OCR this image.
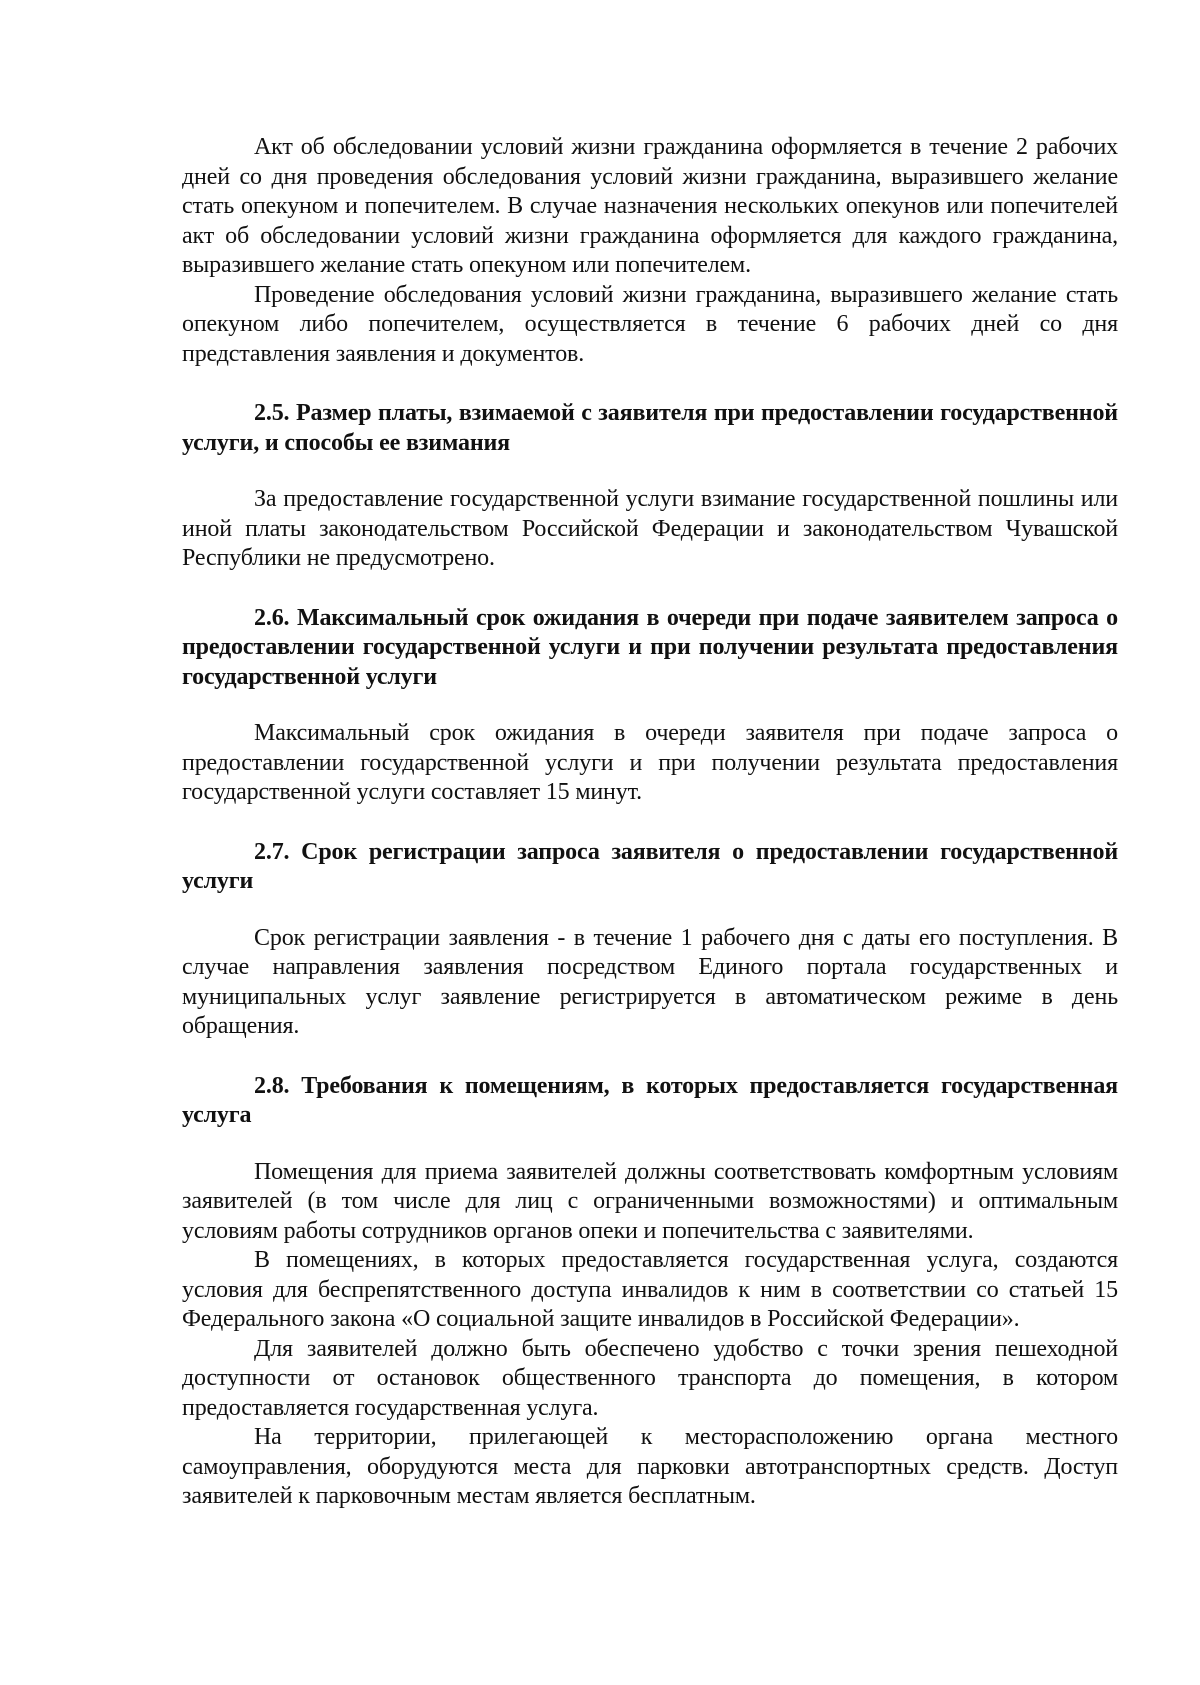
Акт об обследовании условий жизни гражданина оформляется в течение 2 рабочих дней со дня проведения обследования условий жизни гражданина, выразившего желание стать опекуном и попечителем. В случае назначения нескольких опекунов или попечителей акт об обследовании условий жизни гражданина оформляется для каждого гражданина, выразившего желание стать опекуном или попечителем.

Проведение обследования условий жизни гражданина, выразившего желание стать опекуном либо попечителем, осуществляется в течение 6 рабочих дней со дня представления заявления и документов.

2.5. Размер платы, взимаемой с заявителя при предоставлении государственной услуги, и способы ее взимания

За предоставление государственной услуги взимание государственной пошлины или иной платы законодательством Российской Федерации и законодательством Чувашской Республики не предусмотрено.

2.6. Максимальный срок ожидания в очереди при подаче заявителем запроса о предоставлении государственной услуги и при получении результата предоставления государственной услуги

Максимальный срок ожидания в очереди заявителя при подаче запроса о предоставлении государственной услуги и при получении результата предоставления государственной услуги составляет 15 минут.

2.7. Срок регистрации запроса заявителя о предоставлении государственной услуги

Срок регистрации заявления - в течение 1 рабочего дня с даты его поступления. В случае направления заявления посредством Единого портала государственных и муниципальных услуг заявление регистрируется в автоматическом режиме в день обращения.

2.8. Требования к помещениям, в которых предоставляется государственная услуга

Помещения для приема заявителей должны соответствовать комфортным условиям заявителей (в том числе для лиц с ограниченными возможностями) и оптимальным условиям работы сотрудников органов опеки и попечительства с заявителями.

В помещениях, в которых предоставляется государственная услуга, создаются условия для беспрепятственного доступа инвалидов к ним в соответствии со статьей 15 Федерального закона «О социальной защите инвалидов в Российской Федерации».

Для заявителей должно быть обеспечено удобство с точки зрения пешеходной доступности от остановок общественного транспорта до помещения, в котором предоставляется государственная услуга.

На территории, прилегающей к месторасположению органа местного самоуправления, оборудуются места для парковки автотранспортных средств. Доступ заявителей к парковочным местам является бесплатным.
